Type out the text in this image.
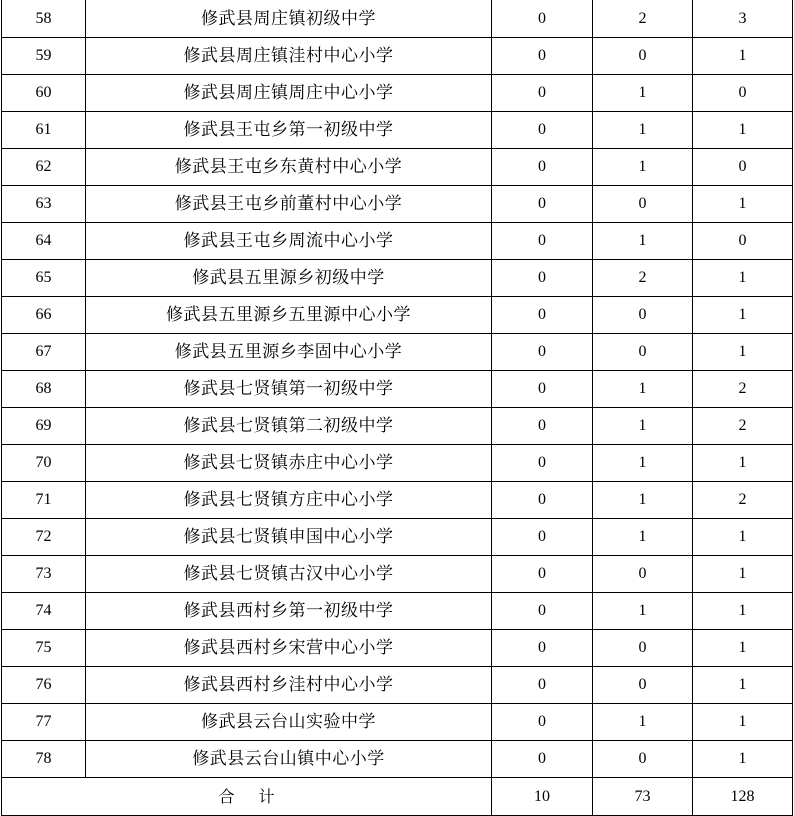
58	修武县周庄镇初级中学	0	2	3
59	修武县周庄镇洼村中心小学	0	0	1
60	修武县周庄镇周庄中心小学	0	1	0
61	修武县王屯乡第一初级中学	0	1	1
62	修武县王屯乡东黄村中心小学	0	1	0
63	修武县王屯乡前董村中心小学	0	0	1
64	修武县王屯乡周流中心小学	0	1	0
65	修武县五里源乡初级中学	0	2	1
66	修武县五里源乡五里源中心小学	0	0	1
67	修武县五里源乡李固中心小学	0	0	1
68	修武县七贤镇第一初级中学	0	1	2
69	修武县七贤镇第二初级中学	0	1	2
70	修武县七贤镇赤庄中心小学	0	1	1
71	修武县七贤镇方庄中心小学	0	1	2
72	修武县七贤镇申国中心小学	0	1	1
73	修武县七贤镇古汉中心小学	0	0	1
74	修武县西村乡第一初级中学	0	1	1
75	修武县西村乡宋营中心小学	0	0	1
76	修武县西村乡洼村中心小学	0	0	1
77	修武县云台山实验中学	0	1	1
78	修武县云台山镇中心小学	0	0	1
合计		10	73	128
